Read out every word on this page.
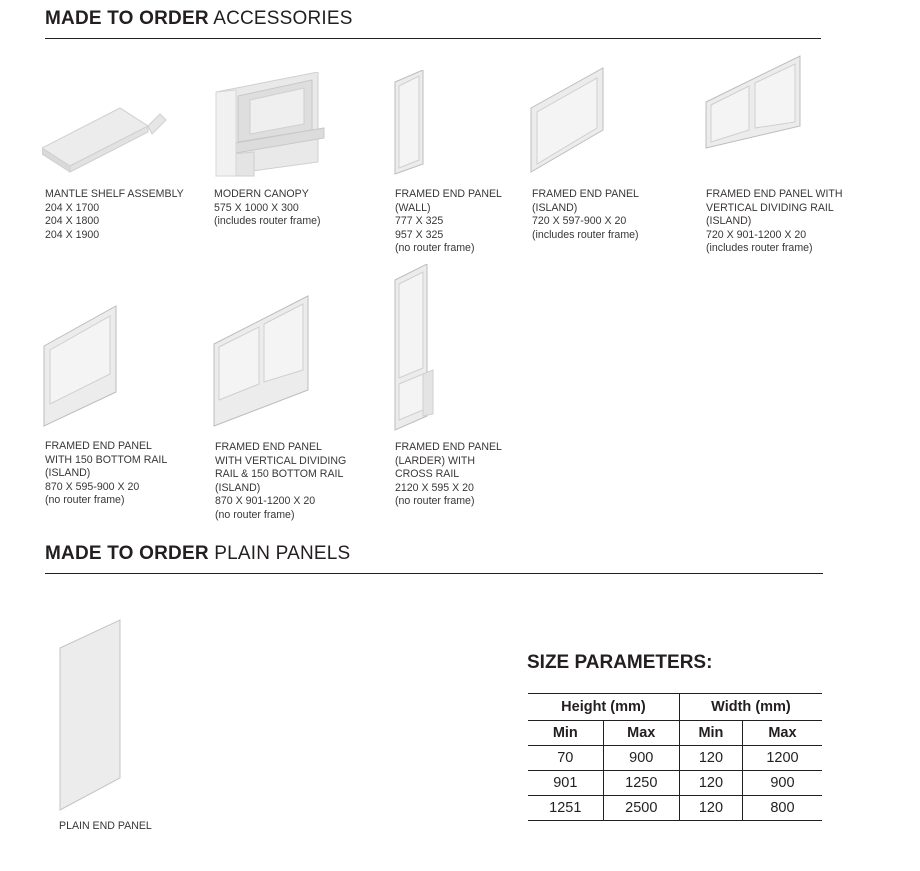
MADE TO ORDER ACCESSORIES
MANTLE SHELF ASSEMBLY
204 X 1700
204 X 1800
204 X 1900
MODERN CANOPY
575 X 1000 X 300
(includes router frame)
FRAMED END PANEL
(WALL)
777 X 325
957 X 325
(no router frame)
FRAMED END PANEL
(ISLAND)
720 X 597-900 X 20
(includes router frame)
FRAMED END PANEL WITH
VERTICAL DIVIDING RAIL
(ISLAND)
720 X 901-1200 X 20
(includes router frame)
FRAMED END PANEL
WITH 150 BOTTOM RAIL
(ISLAND)
870 X 595-900 X 20
(no router frame)
FRAMED END PANEL
WITH VERTICAL DIVIDING
RAIL & 150 BOTTOM RAIL
(ISLAND)
870 X 901-1200 X 20
(no router frame)
FRAMED END PANEL
(LARDER) WITH
CROSS RAIL
2120 X 595 X 20
(no router frame)
MADE TO ORDER PLAIN PANELS
PLAIN END PANEL
SIZE PARAMETERS:
Height (mm)		Width (mm)	
Min	Max	Min	Max
70	900	120	1200
901	1250	120	900
1251	2500	120	800
